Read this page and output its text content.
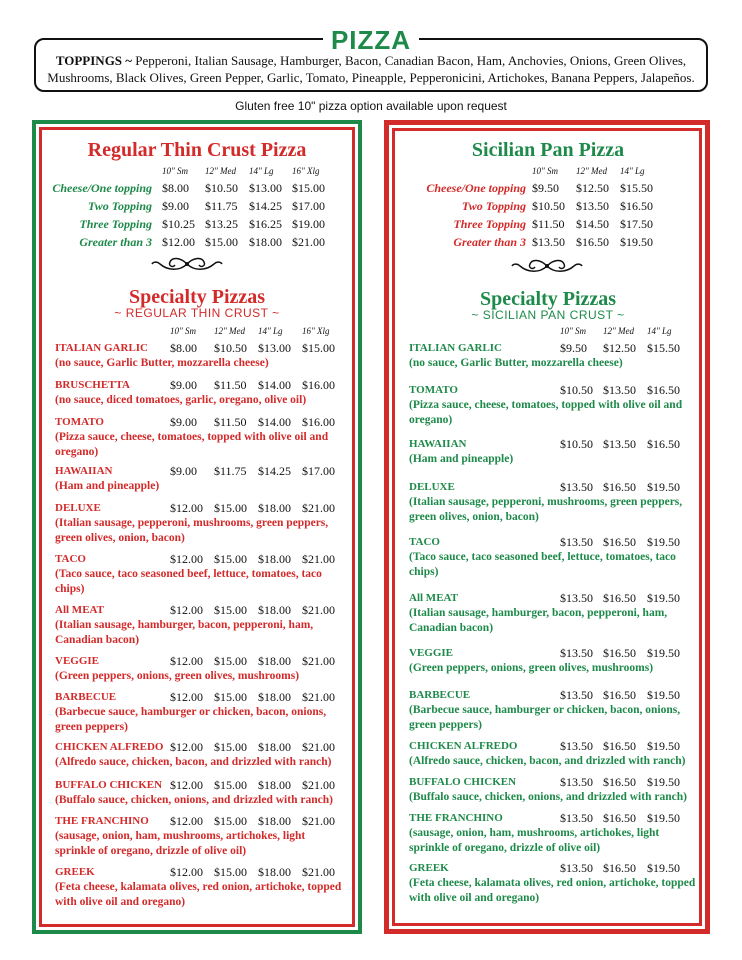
PIZZA
TOPPINGS ~ Pepperoni, Italian Sausage, Hamburger, Bacon, Canadian Bacon, Ham, Anchovies, Onions, Green Olives, Mushrooms, Black Olives, Green Pepper, Garlic, Tomato, Pineapple, Pepperonicini, Artichokes, Banana Peppers, Jalapeños.
Gluten free 10" pizza option available upon request
Regular Thin Crust Pizza
Specialty Pizzas
~ REGULAR THIN CRUST ~
Sicilian Pan Pizza
Specialty Pizzas
~ SICILIAN PAN CRUST ~
10" Sm 12" Med 14" Lg 16" Xlg
Cheese/One topping $8.00 $10.50 $13.00 $15.00
Two Topping $9.00 $11.75 $14.25 $17.00
Three Topping $10.25 $13.25 $16.25 $19.00
Greater than 3 $12.00 $15.00 $18.00 $21.00
10" Sm 12" Med 14" Lg 16" Xlg
ITALIAN GARLIC $8.00 $10.50 $13.00 $15.00
(no sauce, Garlic Butter, mozzarella cheese)
BRUSCHETTA	$9.00 $11.50 $14.00 $16.00
(no sauce, diced tomatoes, garlic, oregano, olive oil)
TOMATO	$9.00 $11.50 $14.00 $16.00
(Pizza sauce, cheese, tomatoes, topped with olive oil and oregano)
HAWAIIAN	$9.00 $11.75 $14.25 $17.00
(Ham and pineapple)
DELUXE	$12.00 $15.00 $18.00 $21.00
(Italian sausage, pepperoni, mushrooms, green peppers, green olives, onion, bacon)
TACO	$12.00 $15.00 $18.00 $21.00
(Taco sauce, taco seasoned beef, lettuce, tomatoes, taco chips)
All MEAT	$12.00 $15.00 $18.00 $21.00
(Italian sausage, hamburger, bacon, pepperoni, ham, Canadian bacon)
VEGGIE	$12.00 $15.00 $18.00 $21.00
(Green peppers, onions, green olives, mushrooms)
BARBECUE	$12.00 $15.00 $18.00 $21.00
(Barbecue sauce, hamburger or chicken, bacon, onions, green peppers)
CHICKEN ALFREDO $12.00 $15.00 $18.00 $21.00
(Alfredo sauce, chicken, bacon, and drizzled with ranch)
BUFFALO CHICKEN $12.00 $15.00 $18.00 $21.00
(Buffalo sauce, chicken, onions, and drizzled with ranch)
THE FRANCHINO $12.00 $15.00 $18.00 $21.00
(sausage, onion, ham, mushrooms, artichokes, light sprinkle of oregano, drizzle of olive oil)
GREEK	$12.00 $15.00 $18.00 $21.00
(Feta cheese, kalamata olives, red onion, artichoke, topped with olive oil and oregano)
10" Sm 12" Med 14" Lg
Cheese/One topping $9.50 $12.50 $15.50
Two Topping $10.50 $13.50 $16.50
Three Topping $11.50 $14.50 $17.50
Greater than 3 $13.50 $16.50 $19.50
10" Sm 12" Med 14" Lg
ITALIAN GARLIC	$9.50 $12.50 $15.50
(no sauce, Garlic Butter, mozzarella cheese)
TOMATO	$10.50 $13.50 $16.50
(Pizza sauce, cheese, tomatoes, topped with olive oil and oregano)
HAWAIIAN	$10.50 $13.50 $16.50
(Ham and pineapple)
DELUXE	$13.50 $16.50 $19.50
(Italian sausage, pepperoni, mushrooms, green peppers, green olives, onion, bacon)
TACO	$13.50 $16.50 $19.50
(Taco sauce, taco seasoned beef, lettuce, tomatoes, taco chips)
All MEAT	$13.50 $16.50 $19.50
(Italian sausage, hamburger, bacon, pepperoni, ham, Canadian bacon)
VEGGIE	$13.50 $16.50 $19.50
(Green peppers, onions, green olives, mushrooms)
BARBECUE	$13.50 $16.50 $19.50
(Barbecue sauce, hamburger or chicken, bacon, onions, green peppers)
CHICKEN ALFREDO	$13.50 $16.50 $19.50
(Alfredo sauce, chicken, bacon, and drizzled with ranch)
BUFFALO CHICKEN	$13.50 $16.50 $19.50
(Buffalo sauce, chicken, onions, and drizzled with ranch)
THE FRANCHINO	$13.50 $16.50 $19.50
(sausage, onion, ham, mushrooms, artichokes, light sprinkle of oregano, drizzle of olive oil)
GREEK	$13.50 $16.50 $19.50
(Feta cheese, kalamata olives, red onion, artichoke, topped with olive oil and oregano)
